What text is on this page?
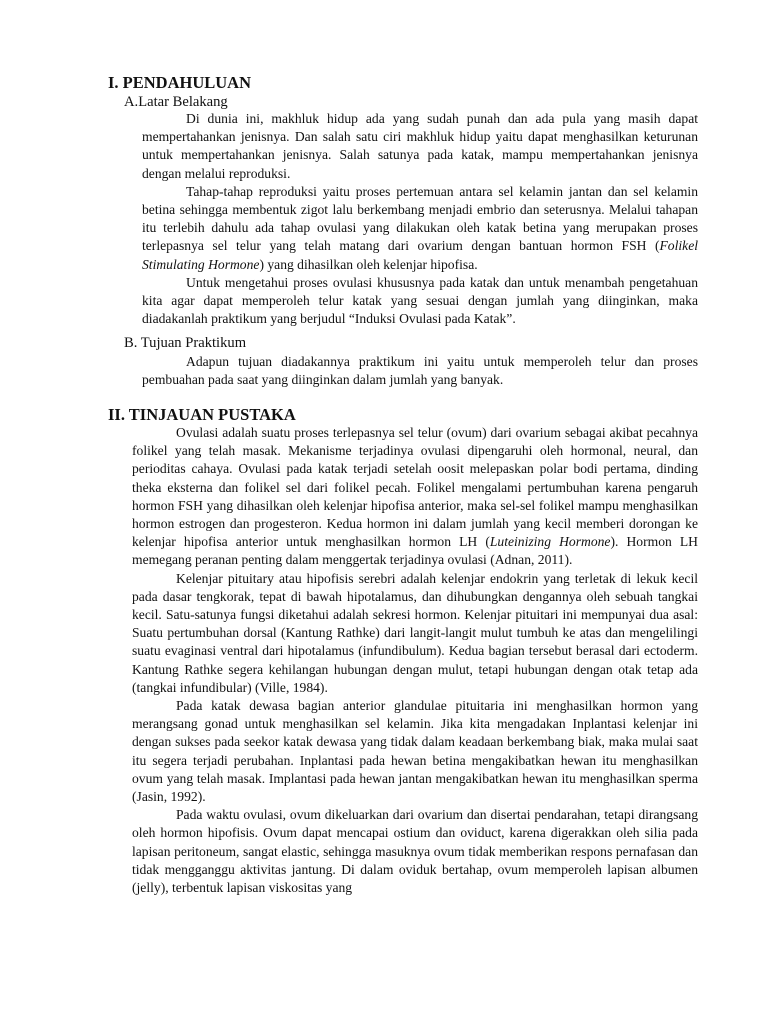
I. PENDAHULUAN
A.Latar Belakang

Di dunia ini, makhluk hidup ada yang sudah punah dan ada pula yang masih dapat mempertahankan jenisnya. Dan salah satu ciri makhluk hidup yaitu dapat menghasilkan keturunan untuk mempertahankan jenisnya. Salah satunya pada katak, mampu mempertahankan jenisnya dengan melalui reproduksi.

Tahap-tahap reproduksi yaitu proses pertemuan antara sel kelamin jantan dan sel kelamin betina sehingga membentuk zigot lalu berkembang menjadi embrio dan seterusnya. Melalui tahapan itu terlebih dahulu ada tahap ovulasi yang dilakukan oleh katak betina yang merupakan proses terlepasnya sel telur yang telah matang dari ovarium dengan bantuan hormon FSH (Folikel Stimulating Hormone) yang dihasilkan oleh kelenjar hipofisa.

Untuk mengetahui proses ovulasi khususnya pada katak dan untuk menambah pengetahuan kita agar dapat memperoleh telur katak yang sesuai dengan jumlah yang diinginkan, maka diadakanlah praktikum yang berjudul “Induksi Ovulasi pada Katak”.

B. Tujuan Praktikum

Adapun tujuan diadakannya praktikum ini yaitu untuk memperoleh telur dan proses pembuahan pada saat yang diinginkan dalam jumlah yang banyak.

II. TINJAUAN PUSTAKA

Ovulasi adalah suatu proses terlepasnya sel telur (ovum) dari ovarium sebagai akibat pecahnya folikel yang telah masak. Mekanisme terjadinya ovulasi dipengaruhi oleh hormonal, neural, dan perioditas cahaya. Ovulasi pada katak terjadi setelah oosit melepaskan polar bodi pertama, dinding theka eksterna dan folikel sel dari folikel pecah. Folikel mengalami pertumbuhan karena pengaruh hormon FSH yang dihasilkan oleh kelenjar hipofisa anterior, maka sel-sel folikel mampu menghasilkan hormon estrogen dan progesteron. Kedua hormon ini dalam jumlah yang kecil memberi dorongan ke kelenjar hipofisa anterior untuk menghasilkan hormon LH (Luteinizing Hormone). Hormon LH memegang peranan penting dalam menggertak terjadinya ovulasi (Adnan, 2011).

Kelenjar pituitary atau hipofisis serebri adalah kelenjar endokrin yang terletak di lekuk kecil pada dasar tengkorak, tepat di bawah hipotalamus, dan dihubungkan dengannya oleh sebuah tangkai kecil. Satu-satunya fungsi diketahui adalah sekresi hormon. Kelenjar pituitari ini mempunyai dua asal: Suatu pertumbuhan dorsal (Kantung Rathke) dari langit-langit mulut tumbuh ke atas dan mengelilingi suatu evaginasi ventral dari hipotalamus (infundibulum). Kedua bagian tersebut berasal dari ectoderm. Kantung Rathke segera kehilangan hubungan dengan mulut, tetapi hubungan dengan otak tetap ada (tangkai infundibular) (Ville, 1984).

Pada katak dewasa bagian anterior glandulae pituitaria ini menghasilkan hormon yang merangsang gonad untuk menghasilkan sel kelamin. Jika kita mengadakan Inplantasi kelenjar ini dengan sukses pada seekor katak dewasa yang tidak dalam keadaan berkembang biak, maka mulai saat itu segera terjadi perubahan. Inplantasi pada hewan betina mengakibatkan hewan itu menghasilkan ovum yang telah masak. Implantasi pada hewan jantan mengakibatkan hewan itu menghasilkan sperma (Jasin, 1992).

Pada waktu ovulasi, ovum dikeluarkan dari ovarium dan disertai pendarahan, tetapi dirangsang oleh hormon hipofisis. Ovum dapat mencapai ostium dan oviduct, karena digerakkan oleh silia pada lapisan peritoneum, sangat elastic, sehingga masuknya ovum tidak memberikan respons pernafasan dan tidak mengganggu aktivitas jantung. Di dalam oviduk bertahap, ovum memperoleh lapisan albumen (jelly), terbentuk lapisan viskositas yang
